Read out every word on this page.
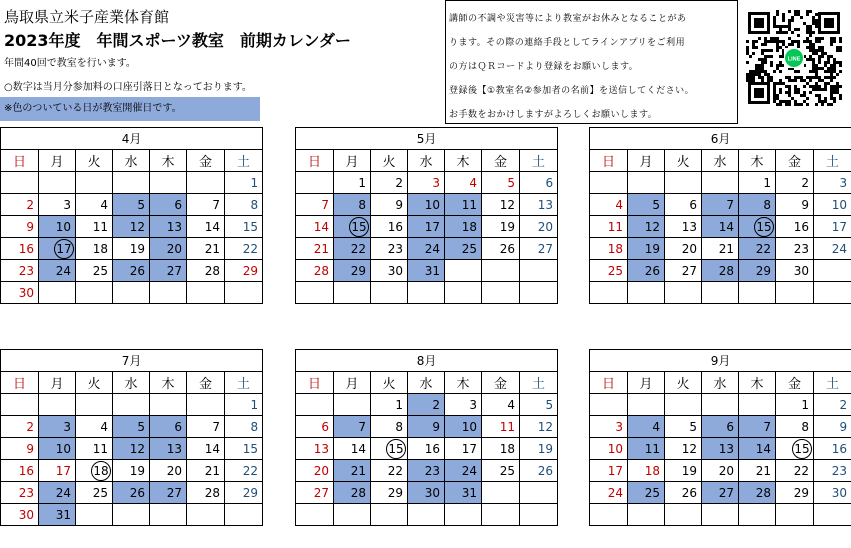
鳥取県立米子産業体育館
2023年度　年間スポーツ教室　前期カレンダー
年間40回で教室を行います。
○数字は当月分参加料の口座引落日となっております。
※色のついている日が教室開催日です。
講師の不調や災害等により教室がお休みとなることがあ
ります。その際の連絡手段としてラインアプリをご利用
の方はＱＲコードより登録をお願いします。
登録後【①教室名②参加者の名前】を送信してください。
お手数をおかけしますがよろしくお願いします。
LINE
4月						
日	月	火	水	木	金	土
						1
2	3	4	5	6	7	8
9	10	11	12	13	14	15
16	17	18	19	20	21	22
23	24	25	26	27	28	29
30						
5月						
日	月	火	水	木	金	土
	1	2	3	4	5	6
7	8	9	10	11	12	13
14	15	16	17	18	19	20
21	22	23	24	25	26	27
28	29	30	31			

6月						
日	月	火	水	木	金	土
				1	2	3
4	5	6	7	8	9	10
11	12	13	14	15	16	17
18	19	20	21	22	23	24
25	26	27	28	29	30	

7月						
日	月	火	水	木	金	土
						1
2	3	4	5	6	7	8
9	10	11	12	13	14	15
16	17	18	19	20	21	22
23	24	25	26	27	28	29
30	31					
8月						
日	月	火	水	木	金	土
		1	2	3	4	5
6	7	8	9	10	11	12
13	14	15	16	17	18	19
20	21	22	23	24	25	26
27	28	29	30	31		

9月						
日	月	火	水	木	金	土
					1	2
3	4	5	6	7	8	9
10	11	12	13	14	15	16
17	18	19	20	21	22	23
24	25	26	27	28	29	30
